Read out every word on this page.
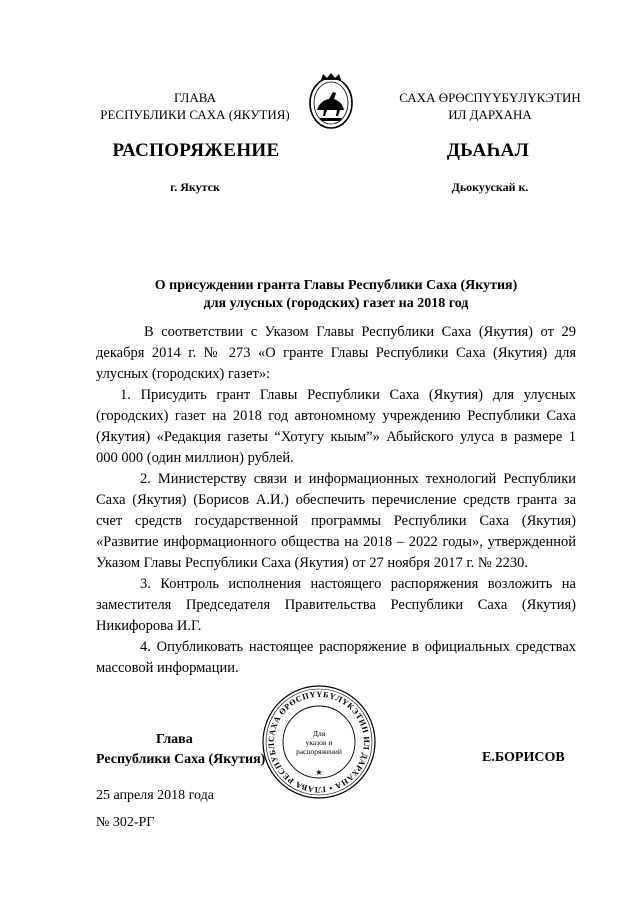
ГЛАВА
РЕСПУБЛИКИ САХА (ЯКУТИЯ)
САХА ӨРӨСПҮҮБҮЛҮКЭТИН
ИЛ ДАРХАНА
РАСПОРЯЖЕНИЕ	ДЬАҺАЛ
г. Якутск	Дьокуускай к.
О присуждении гранта Главы Республики Саха (Якутия)
для улусных (городских) газет на 2018 год

В соответствии с Указом Главы Республики Саха (Якутия) от 29 декабря 2014 г. № 273 «О гранте Главы Республики Саха (Якутия) для улусных (городских) газет»:

1. Присудить грант Главы Республики Саха (Якутия) для улусных (городских) газет на 2018 год автономному учреждению Республики Саха (Якутия) «Редакция газеты “Хотугу кыым”» Абыйского улуса в размере 1 000 000 (один миллион) рублей.

2. Министерству связи и информационных технологий Республики Саха (Якутия) (Борисов А.И.) обеспечить перечисление средств гранта за счет средств государственной программы Республики Саха (Якутия) «Развитие информационного общества на 2018 – 2022 годы», утвержденной Указом Главы Республики Саха (Якутия) от 27 ноября 2017 г. № 2230.

3. Контроль исполнения настоящего распоряжения возложить на заместителя Председателя Правительства Республики Саха (Якутия) Никифорова И.Г.

4. Опубликовать настоящее распоряжение в официальных средствах массовой информации.

САХА ӨРӨСПҮҮБҮЛҮКЭТИН ИЛ ДАРХАНА • ГЛАВА РЕСПУБЛ
Для
указов и
распоряжений
★
Глава
Республики Саха (Якутия)	Е.БОРИСОВ
25 апреля 2018 года
№ 302-РГ
